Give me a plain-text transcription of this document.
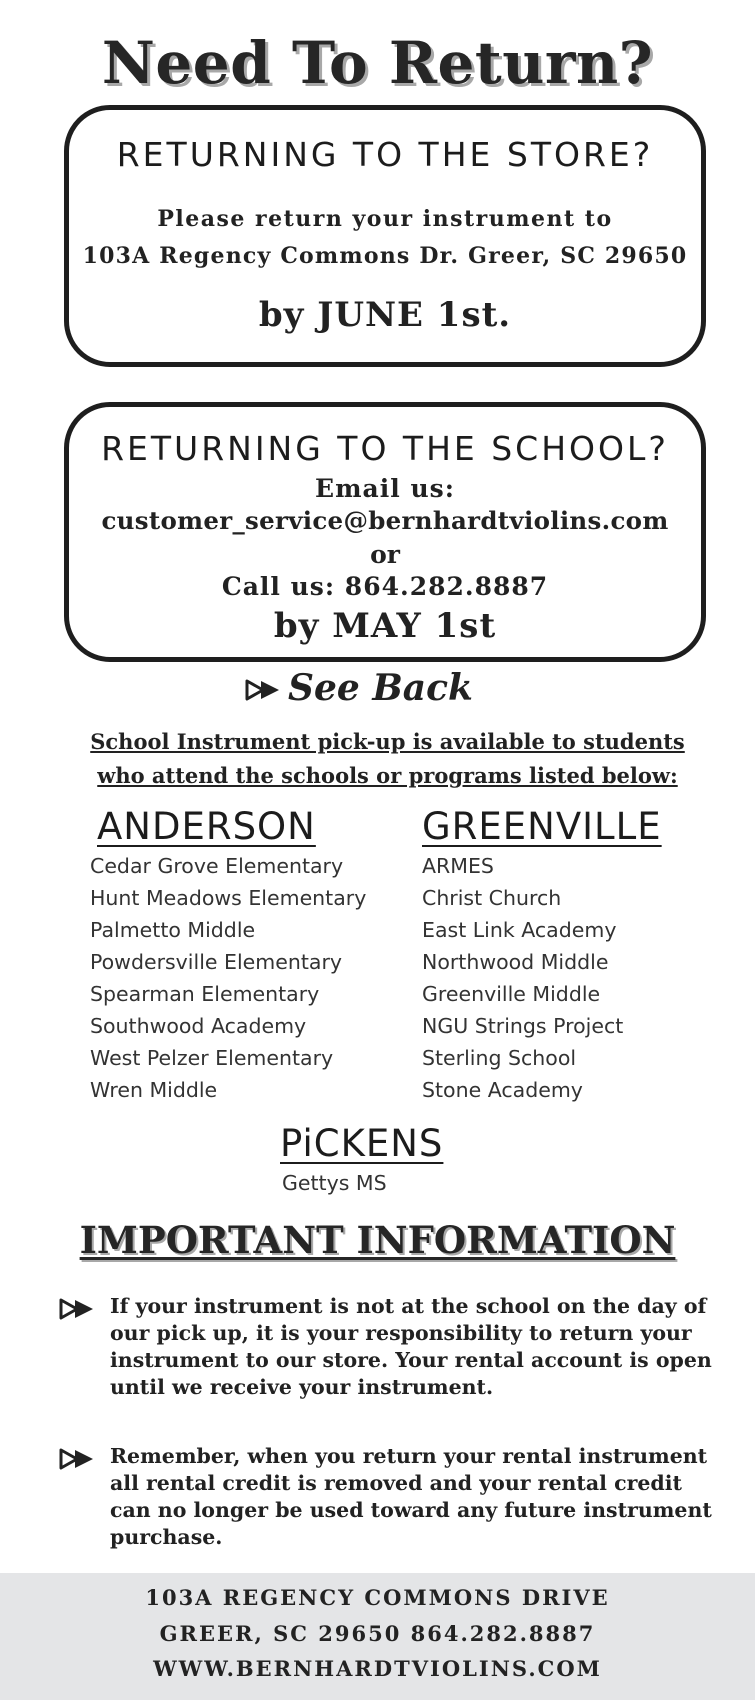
Need To Return?
RETURNING TO THE STORE?
Please return your instrument to
103A Regency Commons Dr. Greer, SC 29650
by JUNE 1st.
RETURNING TO THE SCHOOL?
Email us:
customer_service@bernhardtviolins.com
or
Call us: 864.282.8887
by MAY 1st
See Back
School Instrument pick-up is available to students
who attend the schools or programs listed below:
ANDERSON
Cedar Grove Elementary
Hunt Meadows Elementary
Palmetto Middle
Powdersville Elementary
Spearman Elementary
Southwood Academy
West Pelzer Elementary
Wren Middle
GREENVILLE
ARMES
Christ Church
East Link Academy
Northwood Middle
Greenville Middle
NGU Strings Project
Sterling School
Stone Academy
PiCKENS
Gettys MS
IMPORTANT INFORMATION
If your instrument is not at the school on the day of our pick up, it is your responsibility to return your instrument to our store. Your rental account is open until we receive your instrument.
Remember, when you return your rental instrument all rental credit is removed and your rental credit can no longer be used toward any future instrument purchase.
103A REGENCY COMMONS DRIVE
GREER, SC 29650 864.282.8887
WWW.BERNHARDTVIOLINS.COM
